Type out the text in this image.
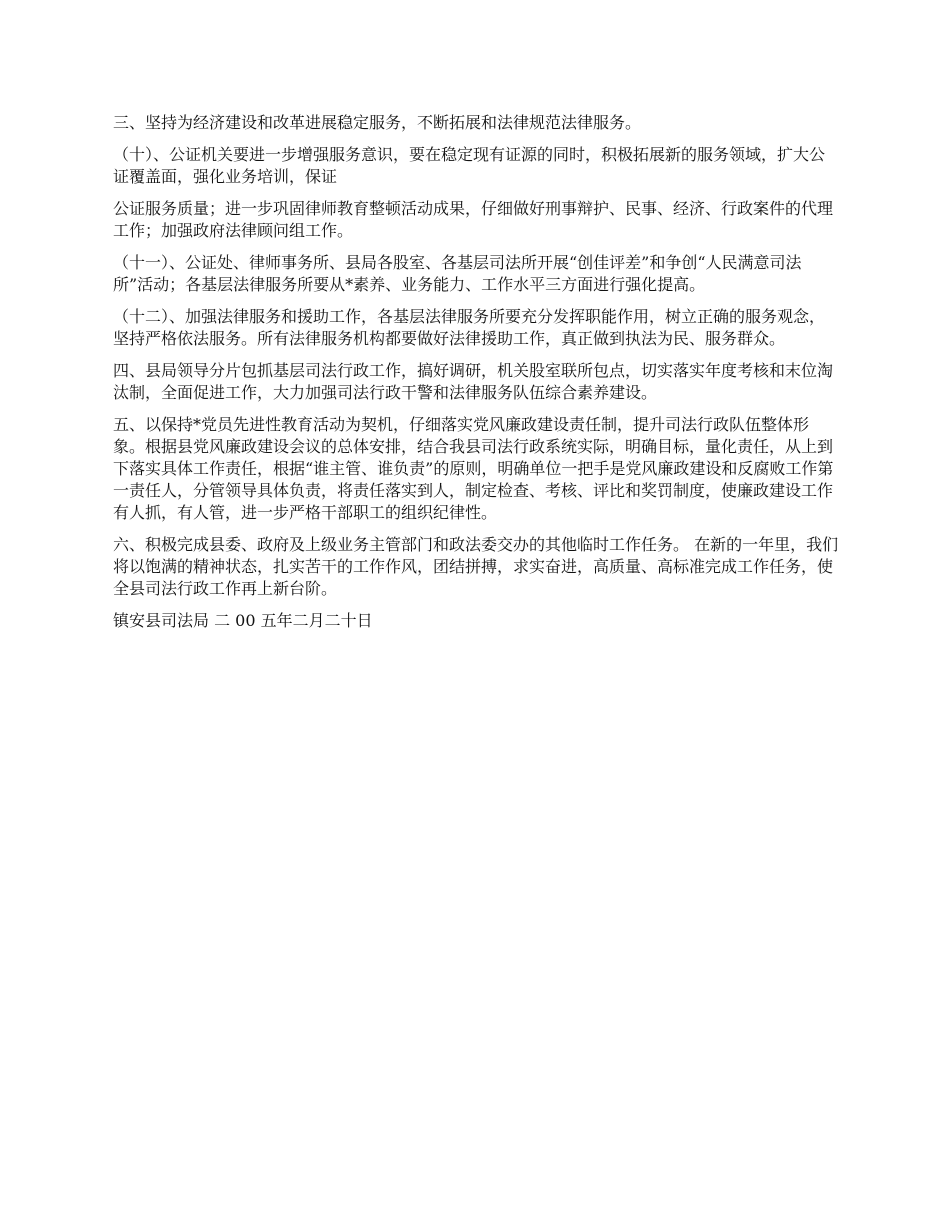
三、坚持为经济建设和改革进展稳定服务，不断拓展和法律规范法律服务。

（十）、公证机关要进一步增强服务意识，要在稳定现有证源的同时，积极拓展新的服务领域，扩大公证覆盖面，强化业务培训，保证

公证服务质量；进一步巩固律师教育整顿活动成果，仔细做好刑事辩护、民事、经济、行政案件的代理工作；加强政府法律顾问组工作。

（十一）、公证处、律师事务所、县局各股室、各基层司法所开展“创佳评差”和争创“人民满意司法所”活动；各基层法律服务所要从*素养、业务能力、工作水平三方面进行强化提高。

（十二）、加强法律服务和援助工作，各基层法律服务所要充分发挥职能作用，树立正确的服务观念，坚持严格依法服务。所有法律服务机构都要做好法律援助工作，真正做到执法为民、服务群众。

四、县局领导分片包抓基层司法行政工作，搞好调研，机关股室联所包点，切实落实年度考核和末位淘汰制，全面促进工作，大力加强司法行政干警和法律服务队伍综合素养建设。

五、以保持*党员先进性教育活动为契机，仔细落实党风廉政建设责任制，提升司法行政队伍整体形象。根据县党风廉政建设会议的总体安排，结合我县司法行政系统实际，明确目标，量化责任，从上到下落实具体工作责任，根据“谁主管、谁负责”的原则，明确单位一把手是党风廉政建设和反腐败工作第一责任人，分管领导具体负责，将责任落实到人，制定检查、考核、评比和奖罚制度，使廉政建设工作有人抓，有人管，进一步严格干部职工的组织纪律性。

六、积极完成县委、政府及上级业务主管部门和政法委交办的其他临时工作任务。 在新的一年里，我们将以饱满的精神状态，扎实苦干的工作作风，团结拼搏，求实奋进，高质量、高标准完成工作任务，使全县司法行政工作再上新台阶。

镇安县司法局 二 00 五年二月二十日
